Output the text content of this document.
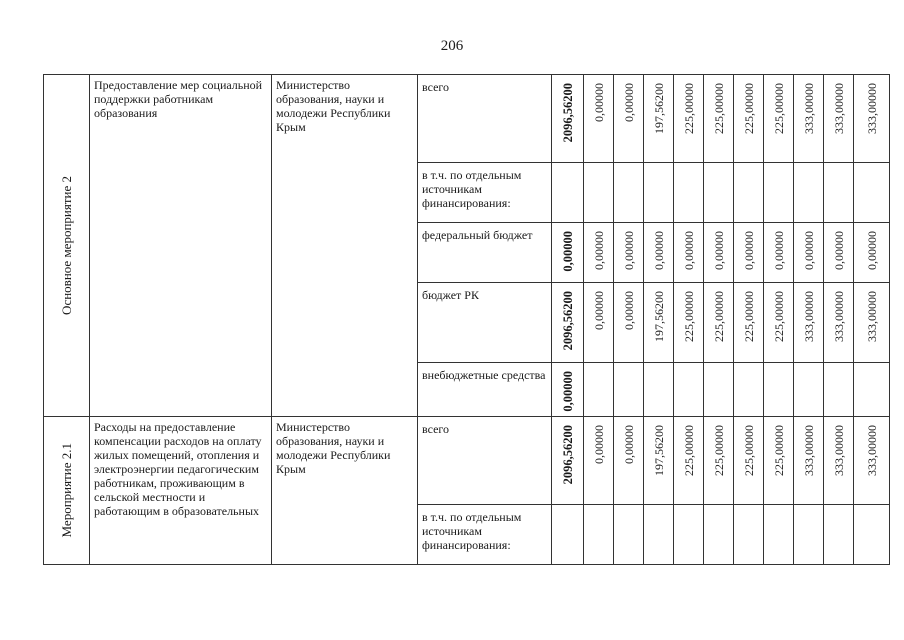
206
Основное мероприятие 2	Предоставление мер социальной поддержки работникам образования	Министерство образования, науки и молодежи Республики Крым	всего	2096,56200	0,00000	0,00000	197,56200	225,00000	225,00000	225,00000	225,00000	333,00000	333,00000	333,00000
			в т.ч. по отдельным источникам финансирования:											
			федеральный бюджет	0,00000	0,00000	0,00000	0,00000	0,00000	0,00000	0,00000	0,00000	0,00000	0,00000	0,00000
			бюджет РК	2096,56200	0,00000	0,00000	197,56200	225,00000	225,00000	225,00000	225,00000	333,00000	333,00000	333,00000
			внебюджетные средства	0,00000										

Мероприятие 2.1	Расходы на предоставление компенсации расходов на оплату жилых помещений, отопления и электроэнергии педагогическим работникам, проживающим в сельской местности и работающим в образовательных	Министерство образования, науки и молодежи Республики Крым	всего	2096,56200	0,00000	0,00000	197,56200	225,00000	225,00000	225,00000	225,00000	333,00000	333,00000	333,00000
			в т.ч. по отдельным источникам финансирования:											
